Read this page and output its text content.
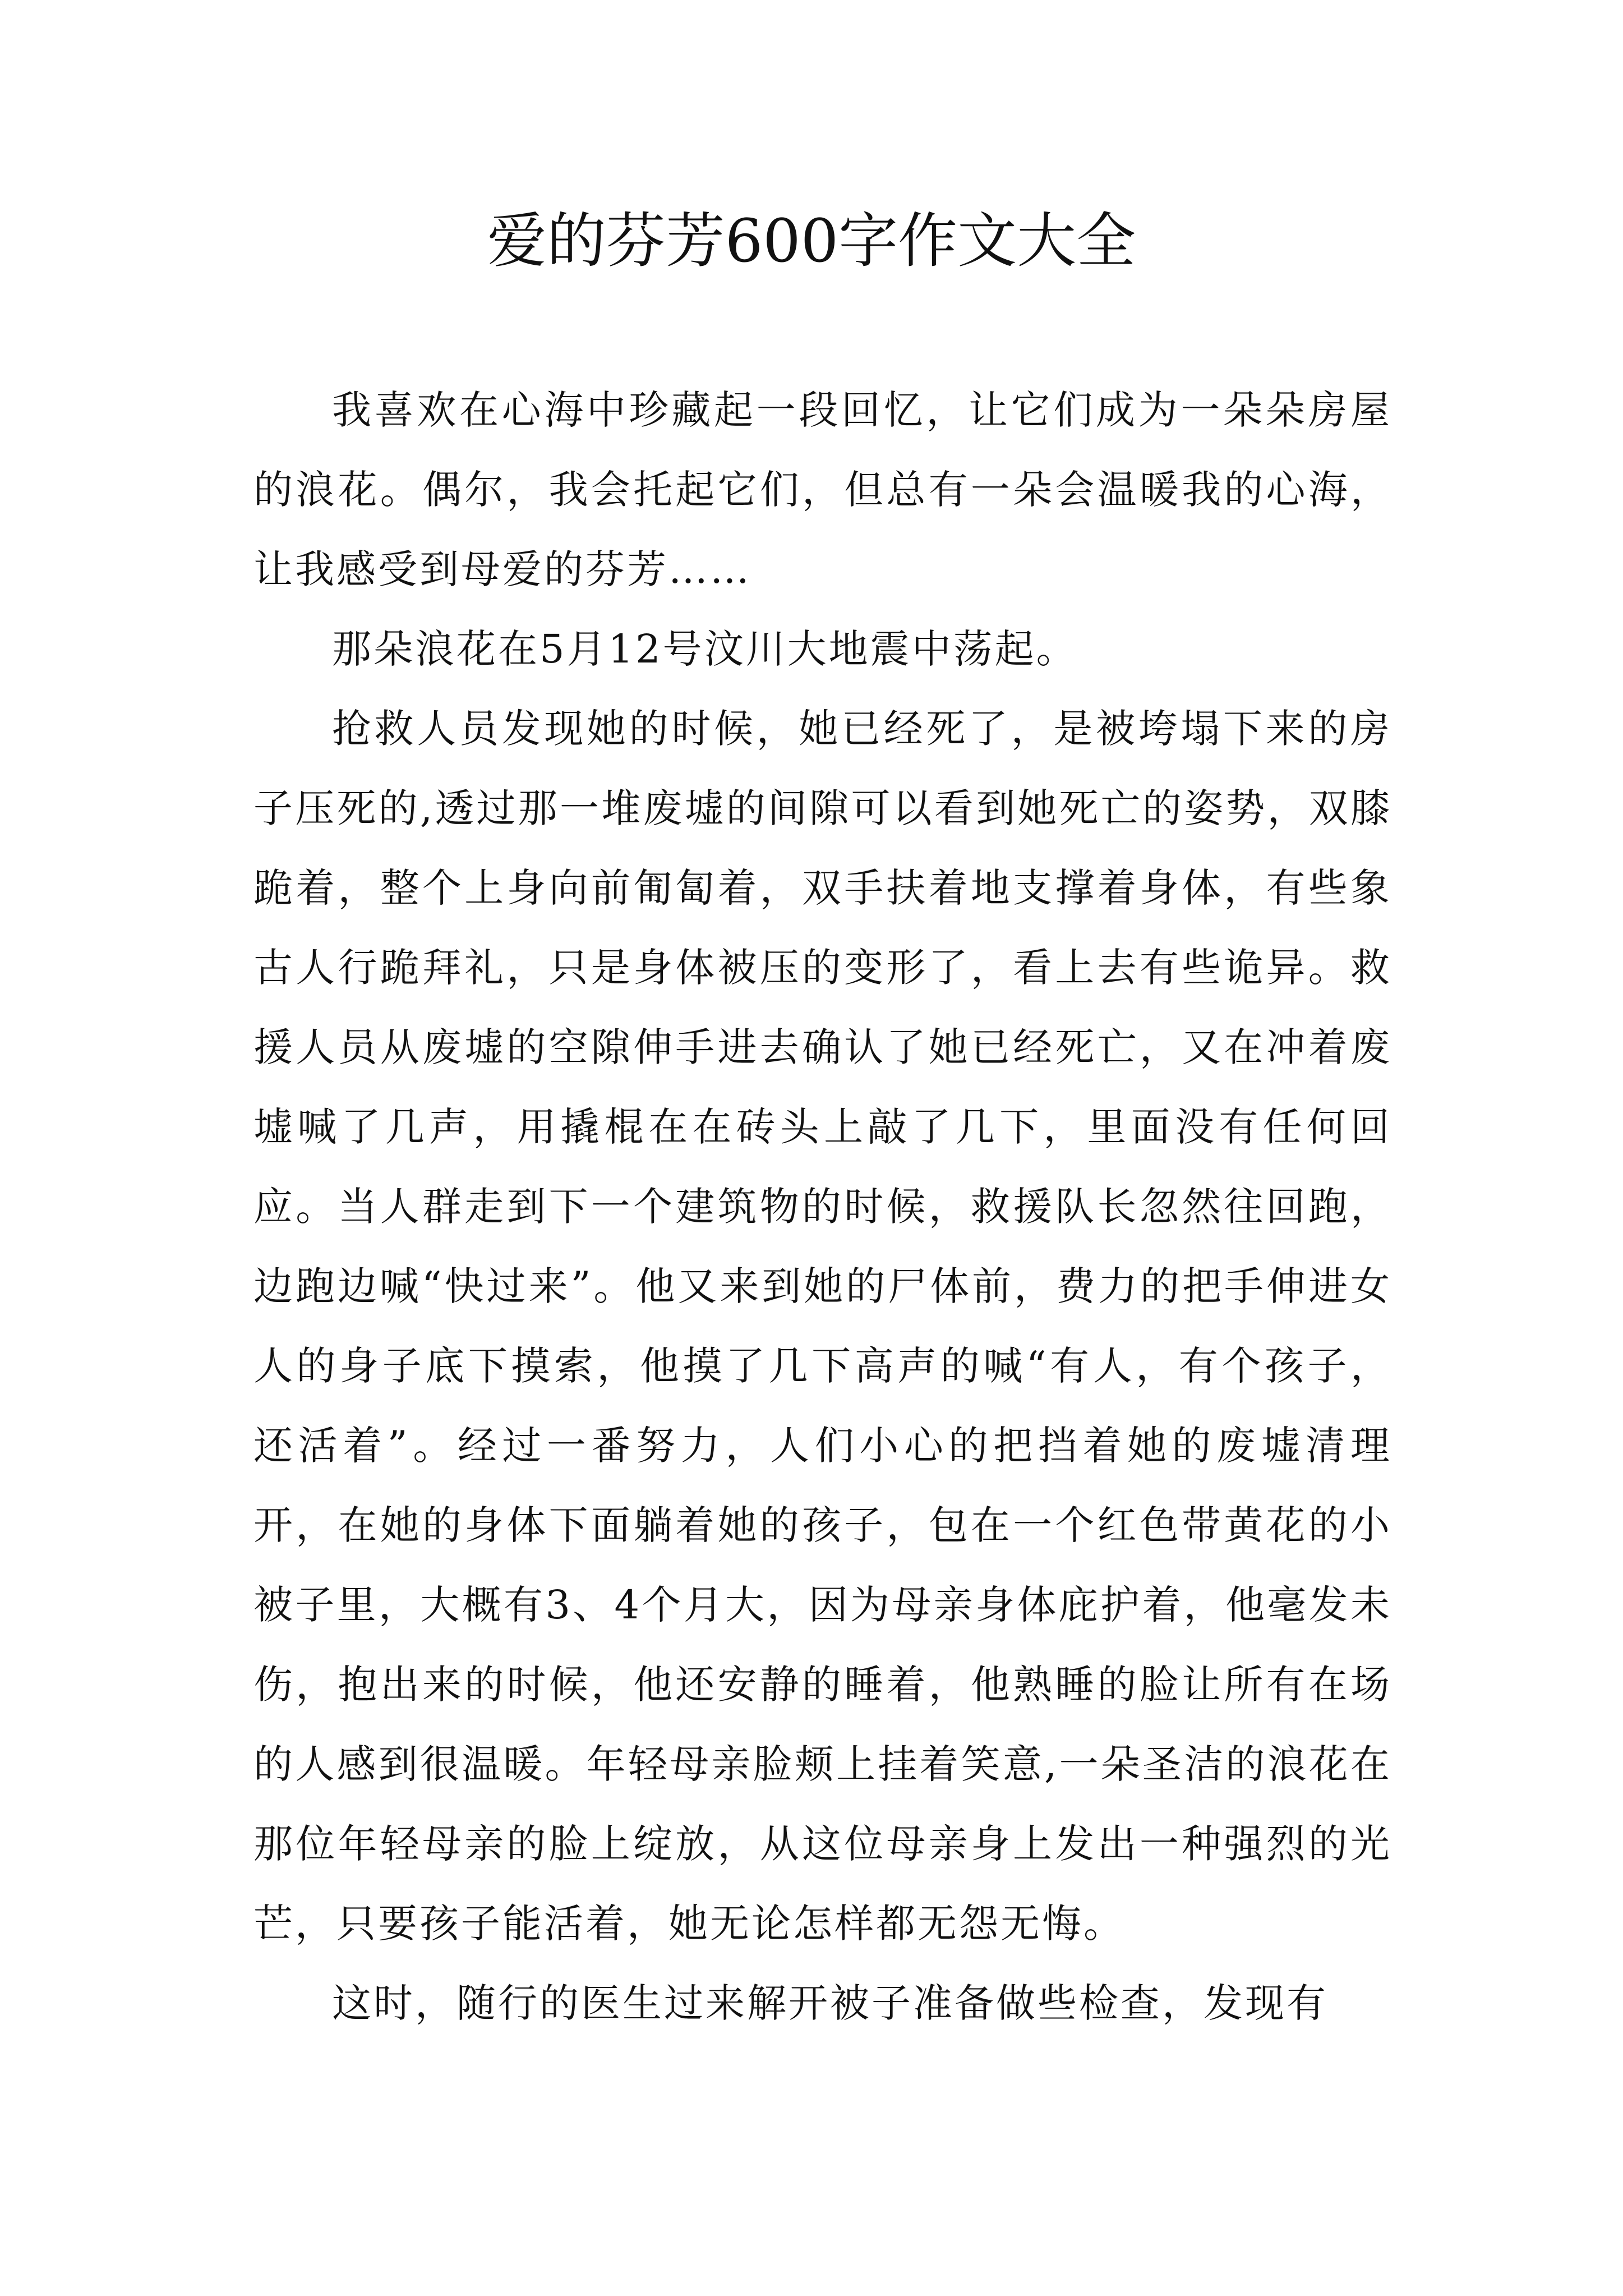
爱的芬芳600字作文大全

我喜欢在心海中珍藏起一段回忆，让它们成为一朵朵房屋的浪花。偶尔，我会托起它们，但总有一朵会温暖我的心海，让我感受到母爱的芬芳……

那朵浪花在5月12号汶川大地震中荡起。

抢救人员发现她的时候，她已经死了，是被垮塌下来的房子压死的,透过那一堆废墟的间隙可以看到她死亡的姿势，双膝跪着，整个上身向前匍匐着，双手扶着地支撑着身体，有些象古人行跪拜礼，只是身体被压的变形了，看上去有些诡异。救援人员从废墟的空隙伸手进去确认了她已经死亡，又在冲着废墟喊了几声，用撬棍在在砖头上敲了几下，里面没有任何回应。当人群走到下一个建筑物的时候，救援队长忽然往回跑，边跑边喊“快过来”。他又来到她的尸体前，费力的把手伸进女人的身子底下摸索，他摸了几下高声的喊“有人，有个孩子，还活着”。经过一番努力，人们小心的把挡着她的废墟清理开，在她的身体下面躺着她的孩子，包在一个红色带黄花的小被子里，大概有3、4个月大，因为母亲身体庇护着，他毫发未伤，抱出来的时候，他还安静的睡着，他熟睡的脸让所有在场的人感到很温暖。年轻母亲脸颊上挂着笑意,一朵圣洁的浪花在那位年轻母亲的脸上绽放，从这位母亲身上发出一种强烈的光芒，只要孩子能活着，她无论怎样都无怨无悔。

这时，随行的医生过来解开被子准备做些检查，发现有
